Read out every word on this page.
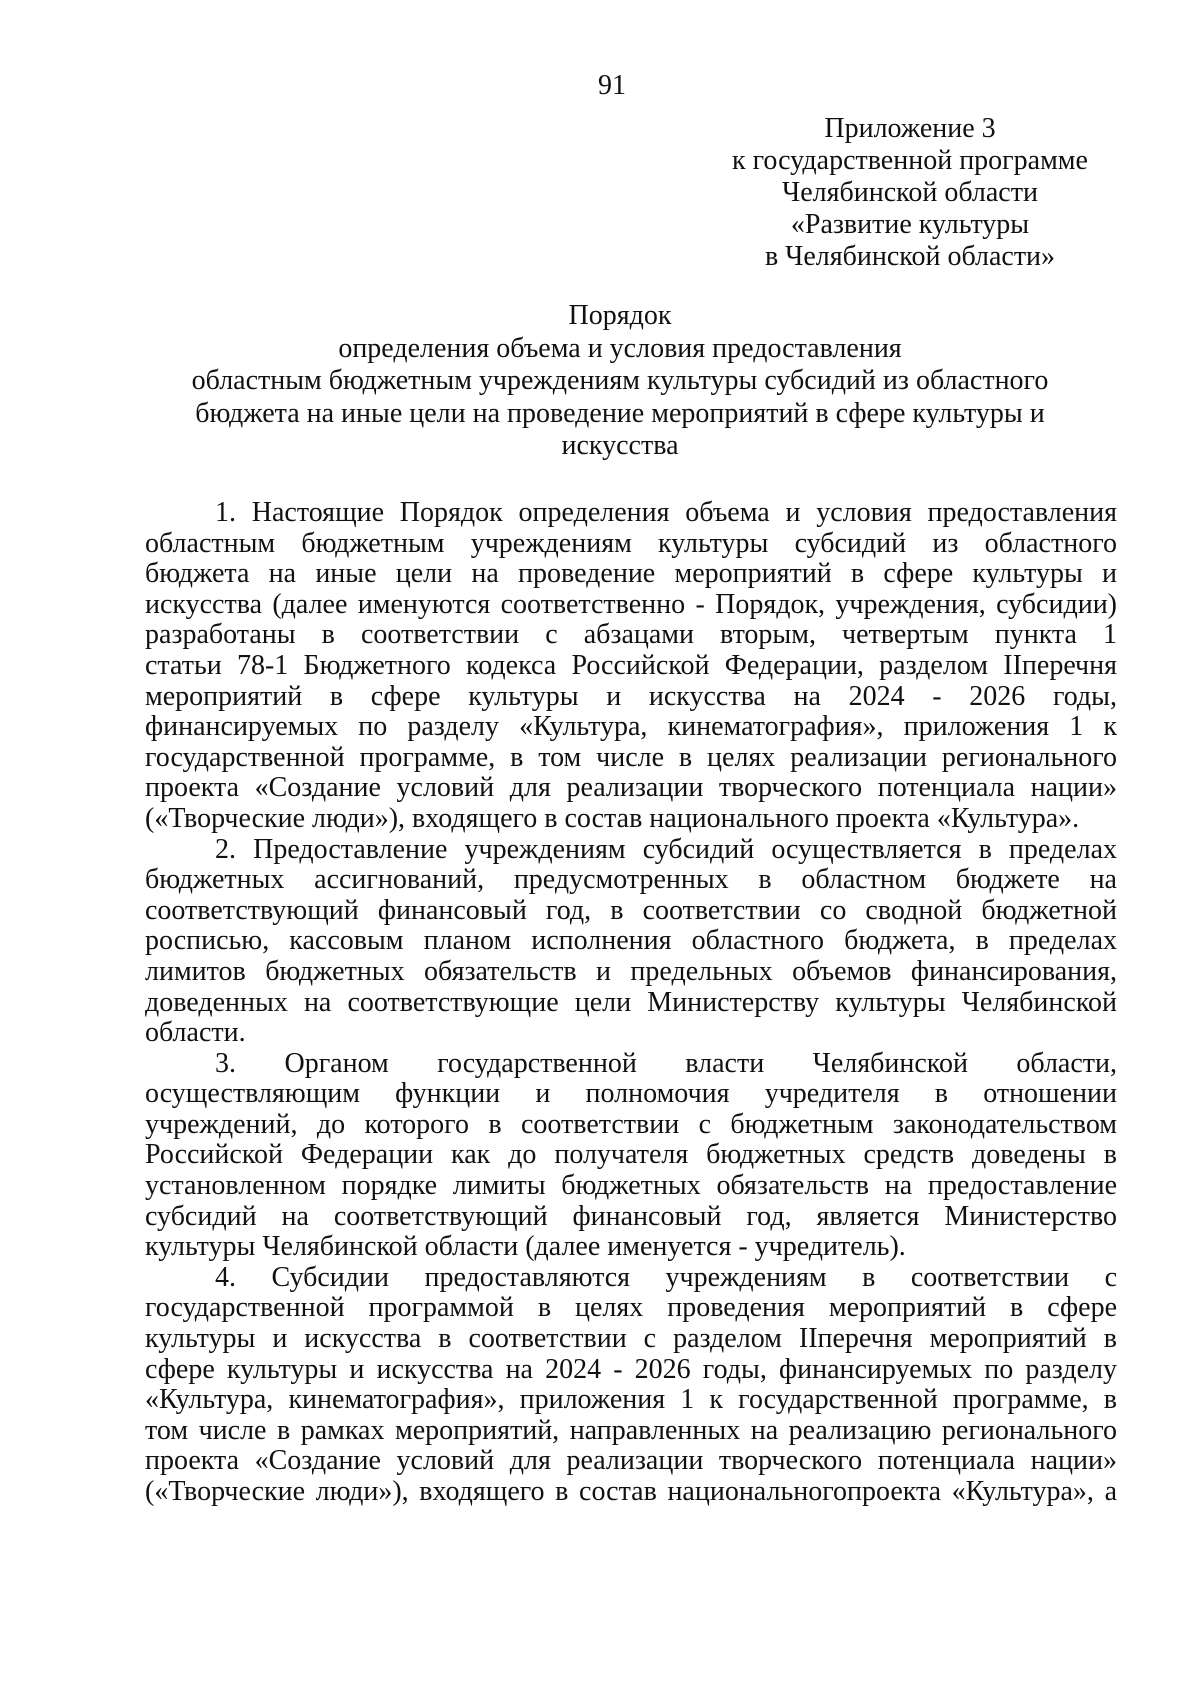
91
Приложение 3
к государственной программе
Челябинской области
«Развитие культуры
в Челябинской области»
Порядок
определения объема и условия предоставления
областным бюджетным учреждениям культуры субсидий из областного
бюджета на иные цели на проведение мероприятий в сфере культуры и
искусства
1. Настоящие Порядок определения объема и условия предоставления
областным бюджетным учреждениям культуры субсидий из областного
бюджета на иные цели на проведение мероприятий в сфере культуры и
искусства (далее именуются соответственно - Порядок, учреждения, субсидии)
разработаны в соответствии с абзацами вторым, четвертым пункта 1
статьи 78-1 Бюджетного кодекса Российской Федерации, разделом IIперечня
мероприятий в сфере культуры и искусства на 2024 - 2026 годы,
финансируемых по разделу «Культура, кинематография», приложения 1 к
государственной программе, в том числе в целях реализации регионального
проекта «Создание условий для реализации творческого потенциала нации»
(«Творческие люди»), входящего в состав национального проекта «Культура».
2. Предоставление учреждениям субсидий осуществляется в пределах
бюджетных ассигнований, предусмотренных в областном бюджете на
соответствующий финансовый год, в соответствии со сводной бюджетной
росписью, кассовым планом исполнения областного бюджета, в пределах
лимитов бюджетных обязательств и предельных объемов финансирования,
доведенных на соответствующие цели Министерству культуры Челябинской
области.
3. Органом государственной власти Челябинской области,
осуществляющим функции и полномочия учредителя в отношении
учреждений, до которого в соответствии с бюджетным законодательством
Российской Федерации как до получателя бюджетных средств доведены в
установленном порядке лимиты бюджетных обязательств на предоставление
субсидий на соответствующий финансовый год, является Министерство
культуры Челябинской области (далее именуется - учредитель).
4. Субсидии предоставляются учреждениям в соответствии с
государственной программой в целях проведения мероприятий в сфере
культуры и искусства в соответствии с разделом IIперечня мероприятий в
сфере культуры и искусства на 2024 - 2026 годы, финансируемых по разделу
«Культура, кинематография», приложения 1 к государственной программе, в
том числе в рамках мероприятий, направленных на реализацию регионального
проекта «Создание условий для реализации творческого потенциала нации»
(«Творческие люди»), входящего в состав национальногопроекта «Культура», а
